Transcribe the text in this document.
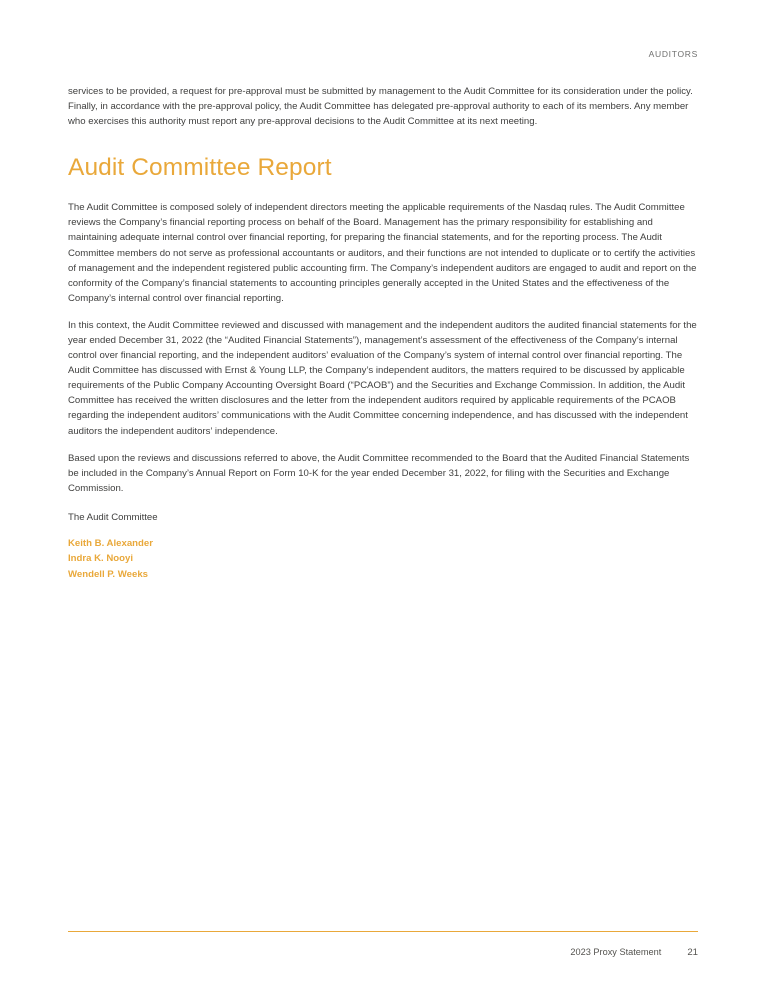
AUDITORS

services to be provided, a request for pre-approval must be submitted by management to the Audit Committee for its consideration under the policy. Finally, in accordance with the pre-approval policy, the Audit Committee has delegated pre-approval authority to each of its members. Any member who exercises this authority must report any pre-approval decisions to the Audit Committee at its next meeting.

Audit Committee Report

The Audit Committee is composed solely of independent directors meeting the applicable requirements of the Nasdaq rules. The Audit Committee reviews the Company’s financial reporting process on behalf of the Board. Management has the primary responsibility for establishing and maintaining adequate internal control over financial reporting, for preparing the financial statements, and for the reporting process. The Audit Committee members do not serve as professional accountants or auditors, and their functions are not intended to duplicate or to certify the activities of management and the independent registered public accounting firm. The Company’s independent auditors are engaged to audit and report on the conformity of the Company’s financial statements to accounting principles generally accepted in the United States and the effectiveness of the Company’s internal control over financial reporting.

In this context, the Audit Committee reviewed and discussed with management and the independent auditors the audited financial statements for the year ended December 31, 2022 (the “Audited Financial Statements”), management’s assessment of the effectiveness of the Company’s internal control over financial reporting, and the independent auditors’ evaluation of the Company’s system of internal control over financial reporting. The Audit Committee has discussed with Ernst & Young LLP, the Company’s independent auditors, the matters required to be discussed by applicable requirements of the Public Company Accounting Oversight Board (“PCAOB”) and the Securities and Exchange Commission. In addition, the Audit Committee has received the written disclosures and the letter from the independent auditors required by applicable requirements of the PCAOB regarding the independent auditors’ communications with the Audit Committee concerning independence, and has discussed with the independent auditors the independent auditors’ independence.

Based upon the reviews and discussions referred to above, the Audit Committee recommended to the Board that the Audited Financial Statements be included in the Company’s Annual Report on Form 10-K for the year ended December 31, 2022, for filing with the Securities and Exchange Commission.

The Audit Committee
Keith B. Alexander
Indra K. Nooyi
Wendell P. Weeks
2023 Proxy Statement	21
